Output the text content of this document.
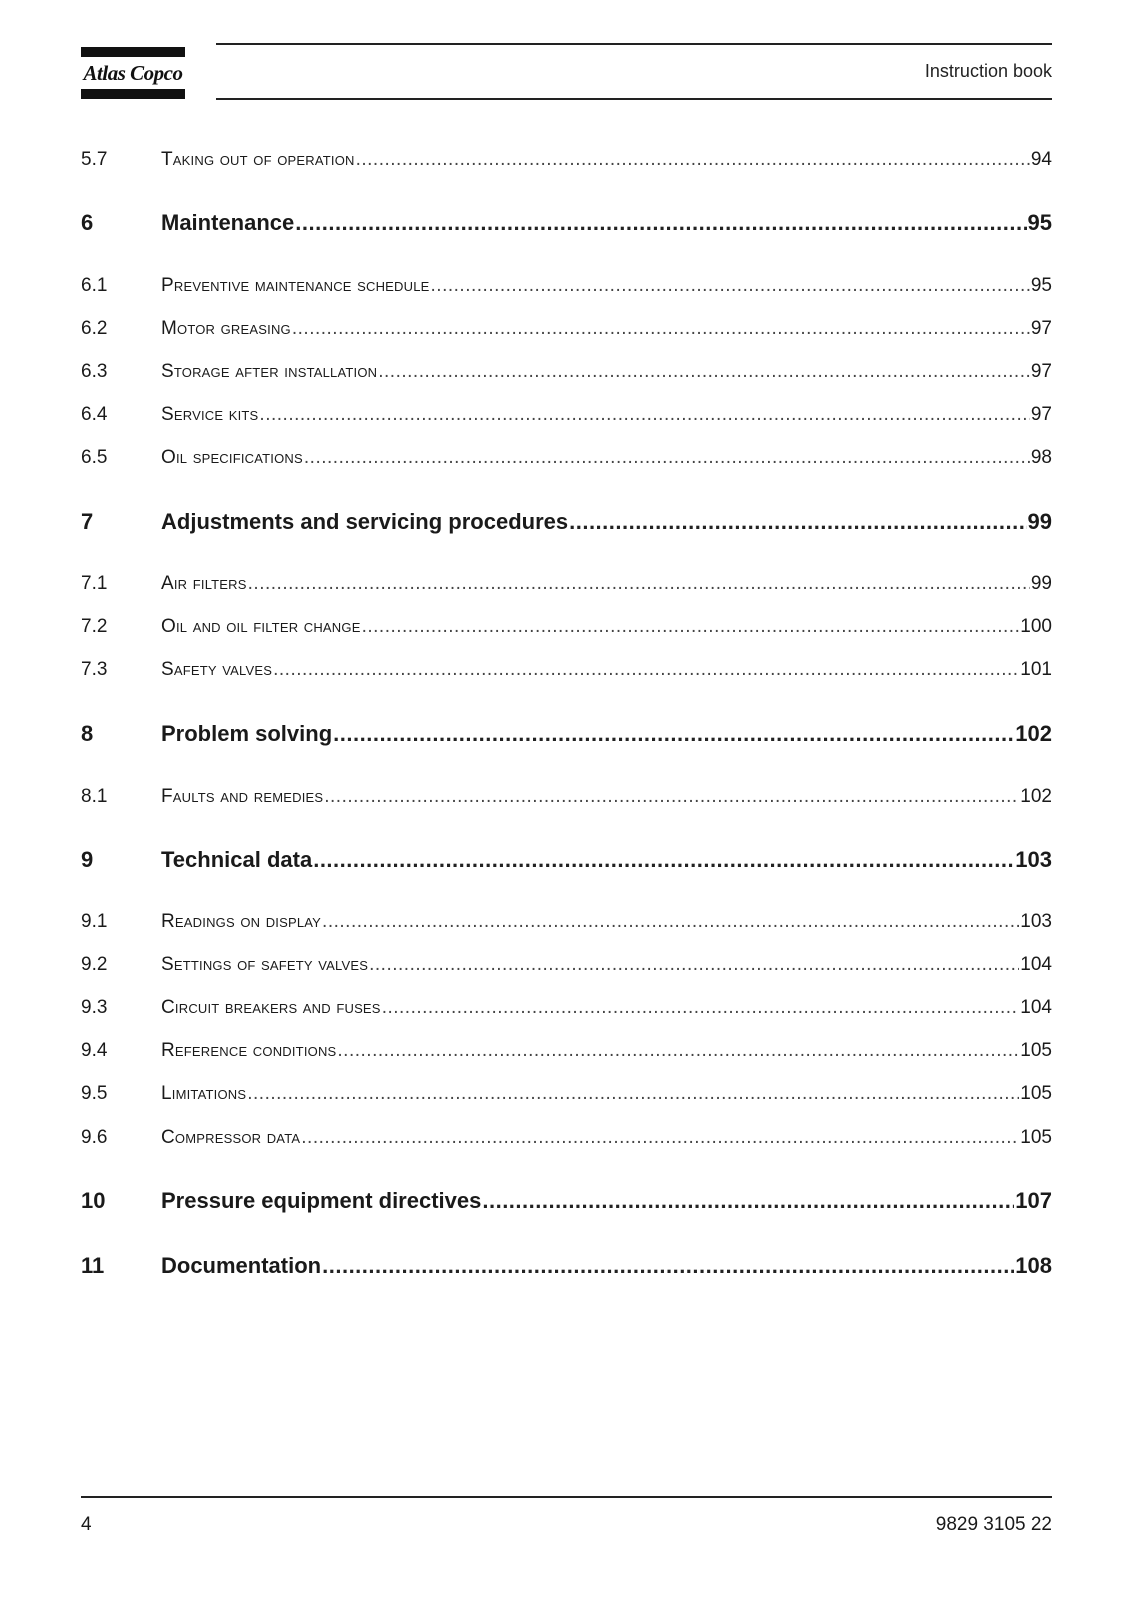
Atlas Copco	Instruction book
5.7	Taking out of operation .....	94
6	Maintenance .....	95
6.1	Preventive maintenance schedule .....	95
6.2	Motor greasing .....	97
6.3	Storage after installation .....	97
6.4	Service kits .....	97
6.5	Oil specifications .....	98
7	Adjustments and servicing procedures .....	99
7.1	Air filters .....	99
7.2	Oil and oil filter change .....	100
7.3	Safety valves .....	101
8	Problem solving .....	102
8.1	Faults and remedies .....	102
9	Technical data .....	103
9.1	Readings on display .....	103
9.2	Settings of safety valves .....	104
9.3	Circuit breakers and fuses .....	104
9.4	Reference conditions .....	105
9.5	Limitations .....	105
9.6	Compressor data .....	105
10	Pressure equipment directives .....	107
11	Documentation .....	108
4	9829 3105 22
